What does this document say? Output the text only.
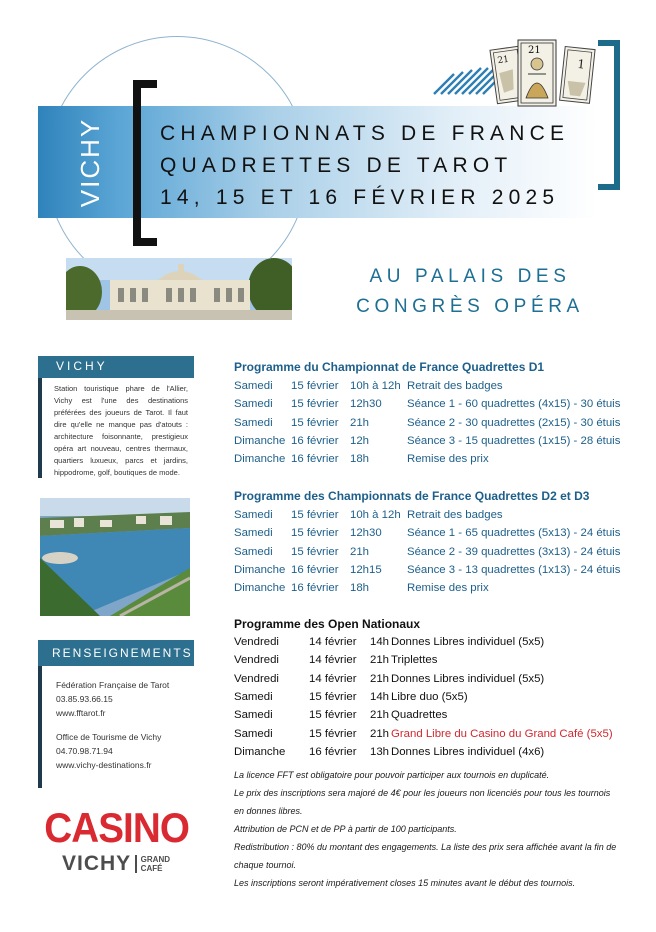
VICHY	CHAMPIONNATS DE FRANCE
QUADRETTES DE TAROT
14, 15 ET 16 FÉVRIER 2025
21
21
1
AU PALAIS DES
CONGRÈS OPÉRA
VICHY
Station touristique phare de l'Allier, Vichy est l'une des destinations préférées des joueurs de Tarot. Il faut dire qu'elle ne manque pas d'atouts : architecture foisonnante, prestigieux opéra art nouveau, centres thermaux, quartiers luxueux, parcs et jardins, hippodrome, golf, boutiques de mode.
RENSEIGNEMENTS
Fédération Française de Tarot
03.85.93.66.15
www.fftarot.fr
Office de Tourisme de Vichy
04.70.98.71.94
www.vichy-destinations.fr
CASINO
VICHY GRAND
CAFÉ
Programme du Championnat de France Quadrettes D1
Samedi 15 février 10h à 12h Retrait des badges
Samedi 15 février 12h30 Séance 1 - 60 quadrettes (4x15) - 30 étuis
Samedi 15 février 21h	Séance 2 - 30 quadrettes (2x15) - 30 étuis
Dimanche 16 février 12h	Séance 3 - 15 quadrettes (1x15) - 28 étuis
Dimanche 16 février 18h	Remise des prix
Programme des Championnats de France Quadrettes D2 et D3
Samedi 15 février 10h à 12h Retrait des badges
Samedi 15 février 12h30 Séance 1 - 65 quadrettes (5x13) - 24 étuis
Samedi 15 février 21h	Séance 2 - 39 quadrettes (3x13) - 24 étuis
Dimanche 16 février 12h15 Séance 3 - 13 quadrettes (1x13) - 24 étuis
Dimanche 16 février 18h	Remise des prix
Programme des Open Nationaux
Vendredi	14 février 14h Donnes Libres individuel (5x5)
Vendredi	14 février 21h Triplettes
Vendredi	14 février 21h Donnes Libres individuel (5x5)
Samedi	15 février 14h Libre duo (5x5)
Samedi	15 février 21h Quadrettes
Samedi	15 février 21h Grand Libre du Casino du Grand Café (5x5)
Dimanche 16 février 13h Donnes Libres individuel (4x6)
La licence FFT est obligatoire pour pouvoir participer aux tournois en duplicaté.
Le prix des inscriptions sera majoré de 4€ pour les joueurs non licenciés pour tous les tournois en donnes libres.
Attribution de PCN et de PP à partir de 100 participants.
Redistribution : 80% du montant des engagements. La liste des prix sera affichée avant la fin de chaque tournoi.
Les inscriptions seront impérativement closes 15 minutes avant le début des tournois.
